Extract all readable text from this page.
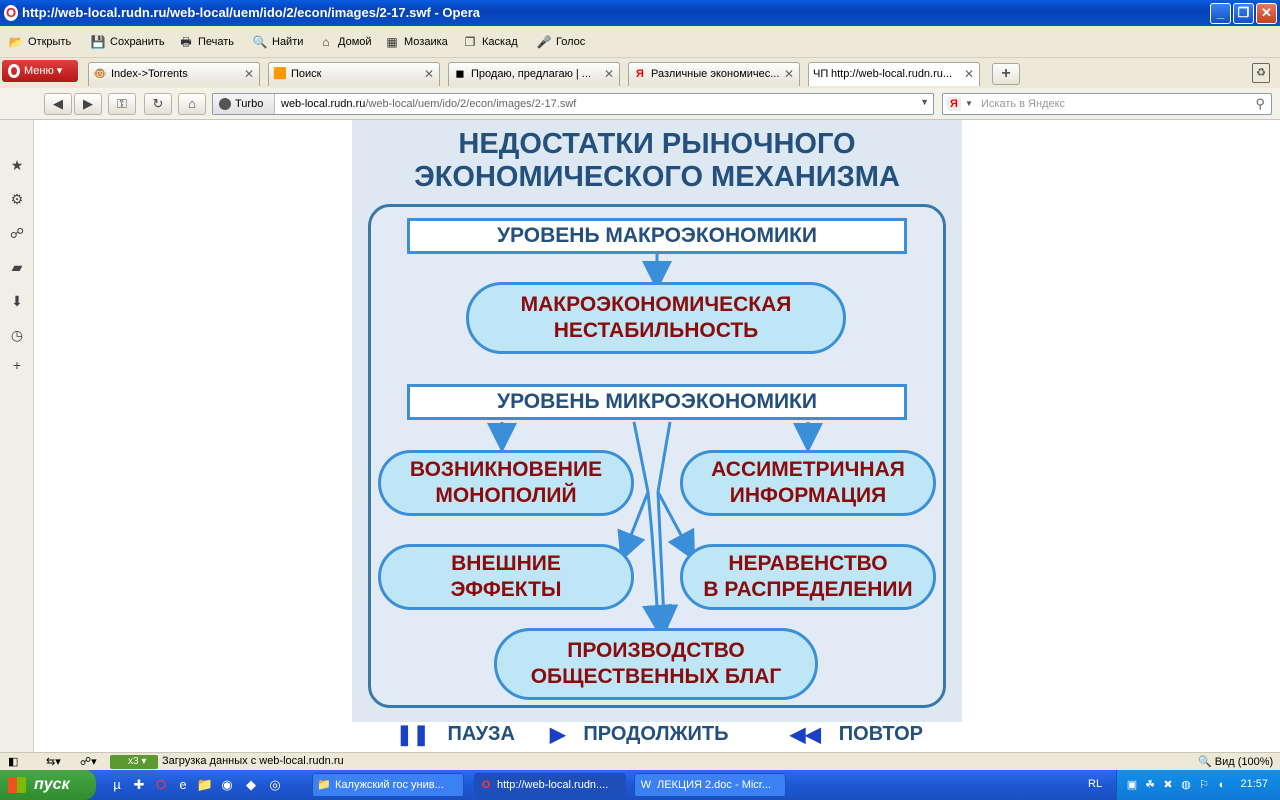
O http://web-local.rudn.ru/web-local/uem/ido/2/econ/images/2-17.swf - Opera	_	❐ ✕
📂 Открыть 💾 Сохранить 🖶 Печать 🔍 Найти	⌂ Домой ▦ Мозаика ❐ Каскад 🎤 Голос
Меню ▾	🐵 Index->Torrents	✕ 🟧 Поиск	✕ ◼ Продаю, предлагаю | ... ✕ Я Различные экономичес... ✕ ЧП http://web-local.rudn.ru... ✕	+	♻
◀	▶	⚿	↻	⌂	Turbo	web-local.rudn.ru/web-local/uem/ido/2/econ/images/2-17.swf	▼ Я ▼ Искать в Яндекс	⚲
★
⚙
☍
▰
⬇
◷
+
НЕДОСТАТКИ РЫНОЧНОГО
ЭКОНОМИЧЕСКОГО МЕХАНИЗМА
УРОВЕНЬ МАКРОЭКОНОМИКИ
МАКРОЭКОНОМИЧЕСКАЯ
НЕСТАБИЛЬНОСТЬ
УРОВЕНЬ МИКРОЭКОНОМИКИ
ВОЗНИКНОВЕНИЕ
МОНОПОЛИЙ
АССИМЕТРИЧНАЯ
ИНФОРМАЦИЯ
ВНЕШНИЕ
ЭФФЕКТЫ
НЕРАВЕНСТВО
В РАСПРЕДЕЛЕНИИ
ПРОИЗВОДСТВО
ОБЩЕСТВЕННЫХ БЛАГ
❚❚ ПАУЗА ▶ ПРОДОЛЖИТЬ	◀◀ ПОВТОР
◧	⇆▾ ☍▾	x3 ▾	Загрузка данных с web-local.rudn.ru	🔍 Вид (100%)
пуск	µ ✚ O	e 📁 ◉	◆	◎	📁 Калужский гос унив...	O http://web-local.rudn....	W ЛЕКЦИЯ 2.doc - Micr...	RL ▣ ☘ ✖ ◍ ⚐ ◐	21:57
